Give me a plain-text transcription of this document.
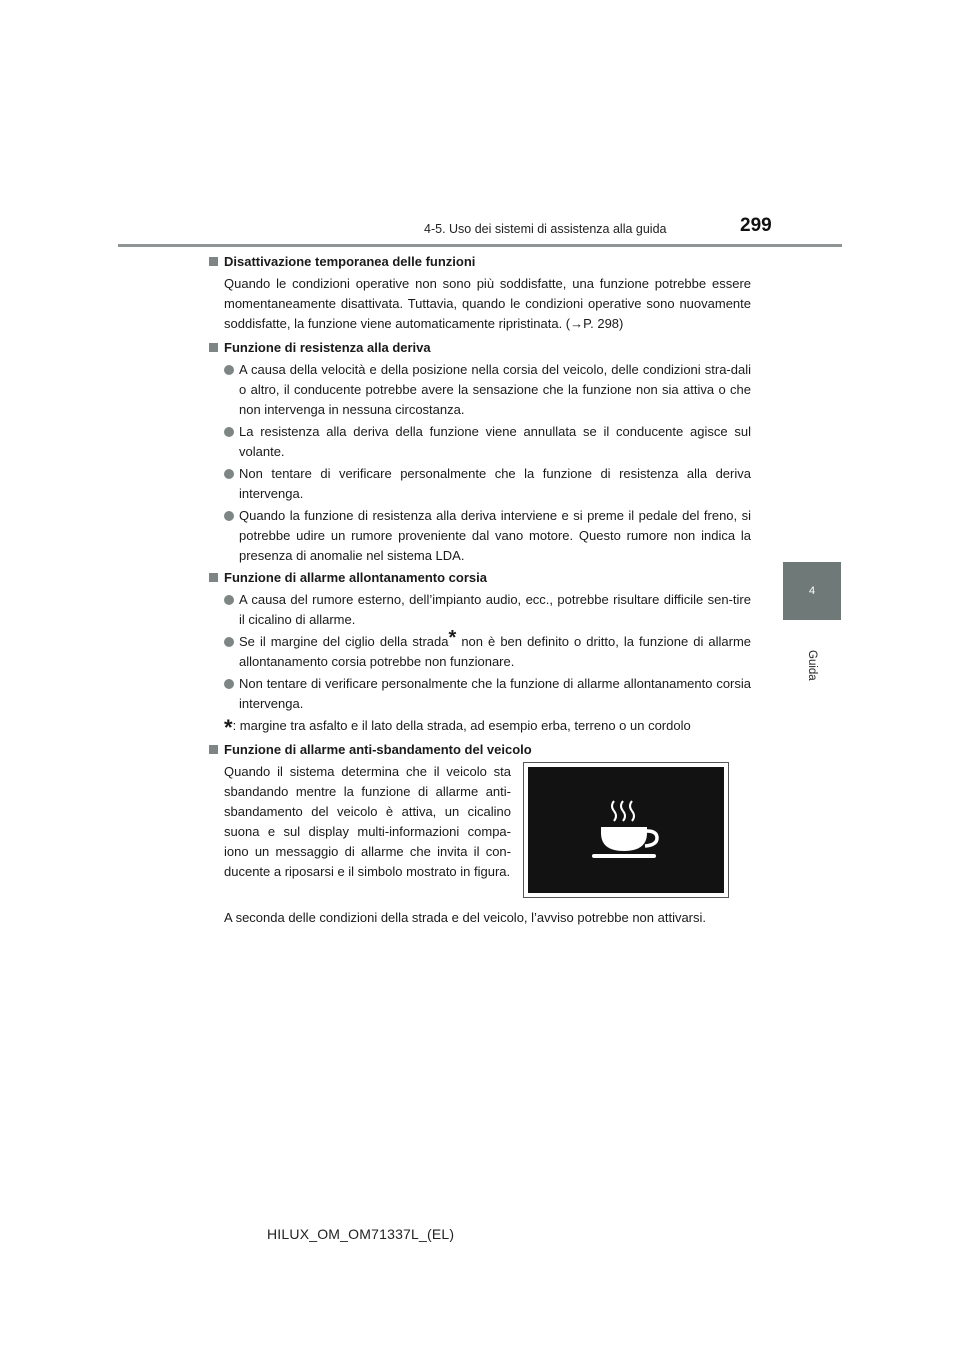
4-5. Uso dei sistemi di assistenza alla guida	299
4
Guida
Disattivazione temporanea delle funzioni
Quando le condizioni operative non sono più soddisfatte, una funzione potrebbe essere momentaneamente disattivata. Tuttavia, quando le condizioni operative sono nuovamente soddisfatte, la funzione viene automaticamente ripristinata. (→P. 298)
Funzione di resistenza alla deriva
A causa della velocità e della posizione nella corsia del veicolo, delle condizioni stra-dali o altro, il conducente potrebbe avere la sensazione che la funzione non sia attiva o che non intervenga in nessuna circostanza.
La resistenza alla deriva della funzione viene annullata se il conducente agisce sul volante.
Non tentare di verificare personalmente che la funzione di resistenza alla deriva intervenga.
Quando la funzione di resistenza alla deriva interviene e si preme il pedale del freno, si potrebbe udire un rumore proveniente dal vano motore. Questo rumore non indica la presenza di anomalie nel sistema LDA.
Funzione di allarme allontanamento corsia
A causa del rumore esterno, dell’impianto audio, ecc., potrebbe risultare difficile sen-tire il cicalino di allarme.
Se il margine del ciglio della strada* non è ben definito o dritto, la funzione di allarme allontanamento corsia potrebbe non funzionare.
Non tentare di verificare personalmente che la funzione di allarme allontanamento corsia intervenga.
*: margine tra asfalto e il lato della strada, ad esempio erba, terreno o un cordolo
Funzione di allarme anti-sbandamento del veicolo
Quando il sistema determina che il veicolo sta sbandando mentre la funzione di allarme anti-sbandamento del veicolo è attiva, un cicalino suona e sul display multi-informazioni compa-iono un messaggio di allarme che invita il con-ducente a riposarsi e il simbolo mostrato in figura.
A seconda delle condizioni della strada e del veicolo, l’avviso potrebbe non attivarsi.
HILUX_OM_OM71337L_(EL)
